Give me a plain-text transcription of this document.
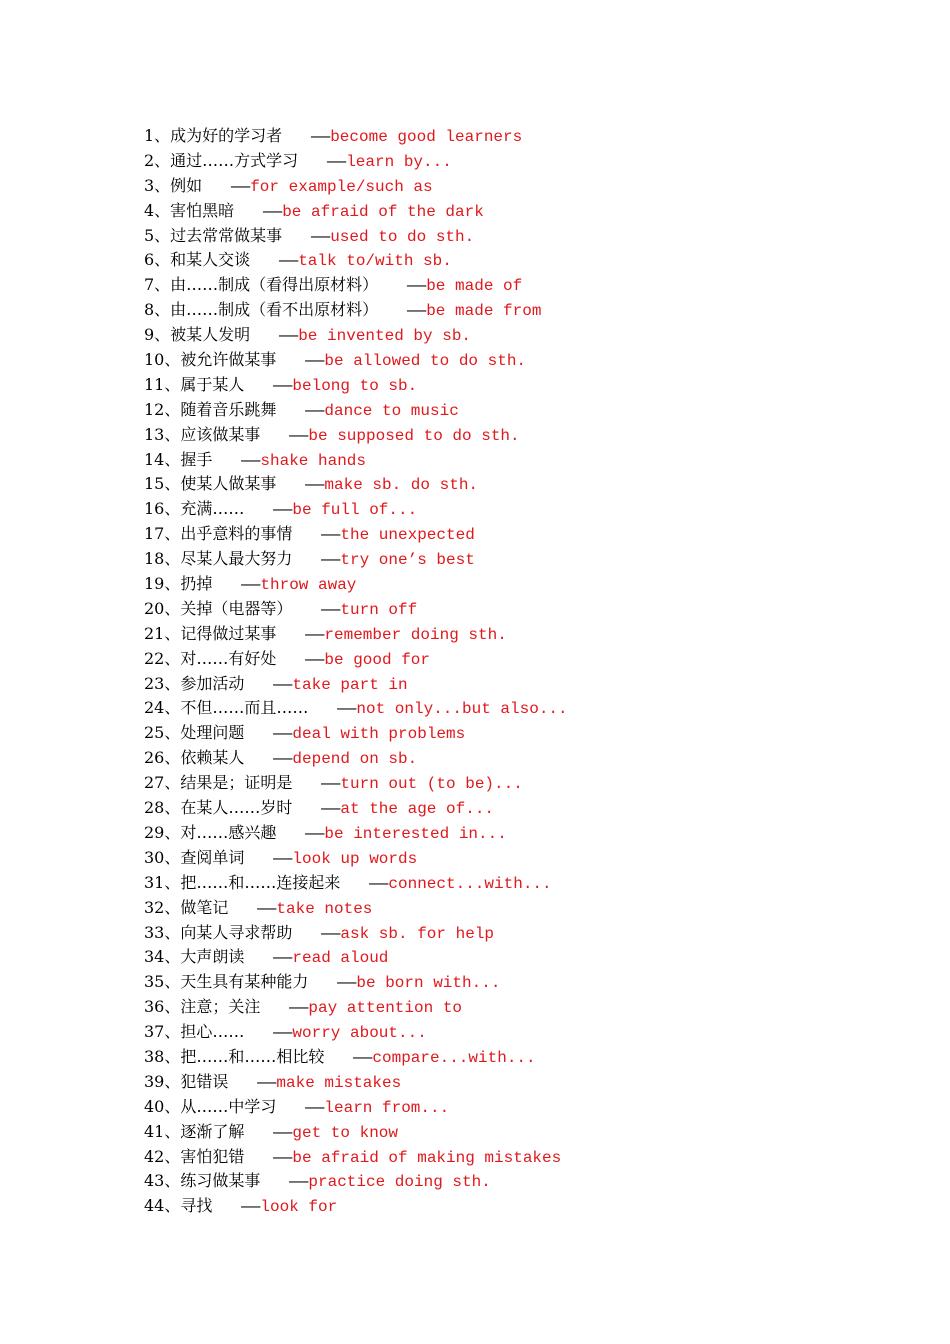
1、成为好的学习者   ——become good learners
2、通过……方式学习   ——learn by...
3、例如   ——for example/such as
4、害怕黑暗   ——be afraid of the dark
5、过去常常做某事   ——used to do sth.
6、和某人交谈   ——talk to/with sb.
7、由……制成（看得出原材料）   ——be made of
8、由……制成（看不出原材料）   ——be made from
9、被某人发明   ——be invented by sb.
10、被允许做某事   ——be allowed to do sth.
11、属于某人   ——belong to sb.
12、随着音乐跳舞   ——dance to music
13、应该做某事   ——be supposed to do sth.
14、握手   ——shake hands
15、使某人做某事   ——make sb. do sth.
16、充满……   ——be full of...
17、出乎意料的事情   ——the unexpected
18、尽某人最大努力   ——try one’s best
19、扔掉   ——throw away
20、关掉（电器等）   ——turn off
21、记得做过某事   ——remember doing sth.
22、对……有好处   ——be good for
23、参加活动   ——take part in
24、不但……而且……   ——not only...but also...
25、处理问题   ——deal with problems
26、依赖某人   ——depend on sb.
27、结果是；证明是   ——turn out (to be)...
28、在某人……岁时   ——at the age of...
29、对……感兴趣   ——be interested in...
30、查阅单词   ——look up words
31、把……和……连接起来   ——connect...with...
32、做笔记   ——take notes
33、向某人寻求帮助   ——ask sb. for help
34、大声朗读   ——read aloud
35、天生具有某种能力   ——be born with...
36、注意；关注   ——pay attention to
37、担心……   ——worry about...
38、把……和……相比较   ——compare...with...
39、犯错误   ——make mistakes
40、从……中学习   ——learn from...
41、逐渐了解   ——get to know
42、害怕犯错   ——be afraid of making mistakes
43、练习做某事   ——practice doing sth.
44、寻找   ——look for
